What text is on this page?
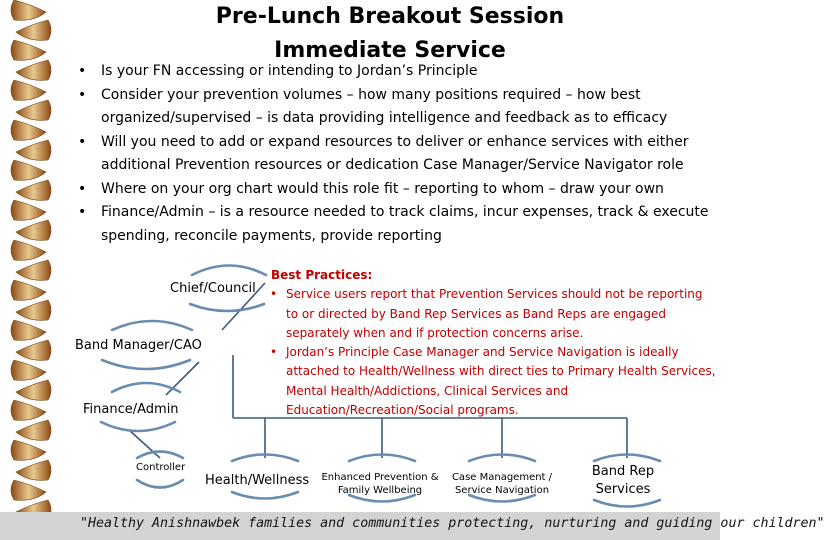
Pre-Lunch Breakout Session
Immediate Service
• Is your FN accessing or intending to Jordan’s Principle
• Consider your prevention volumes – how many positions required – how best organized/supervised – is data providing intelligence and feedback as to efficacy
• Will you need to add or expand resources to deliver or enhance services with either additional Prevention resources or dedication Case Manager/Service Navigator role
• Where on your org chart would this role fit – reporting to whom – draw your own
• Finance/Admin – is a resource needed to track claims, incur expenses, track & execute spending, reconcile payments, provide reporting
Chief/Council
Band Manager/CAO
Finance/Admin
Controller
Health/Wellness Enhanced Prevention & Family Wellbeing
Case Management / Service Navigation
Band Rep Services
Best Practices:
• Service users report that Prevention Services should not be reporting to or directed by Band Rep Services as Band Reps are engaged separately when and if protection concerns arise.
• Jordan’s Principle Case Manager and Service Navigation is ideally attached to Health/Wellness with direct ties to Primary Health Services, Mental Health/Addictions, Clinical Services and Education/Recreation/Social programs.
"Healthy Anishnawbek families and communities protecting, nurturing and guiding our children"
